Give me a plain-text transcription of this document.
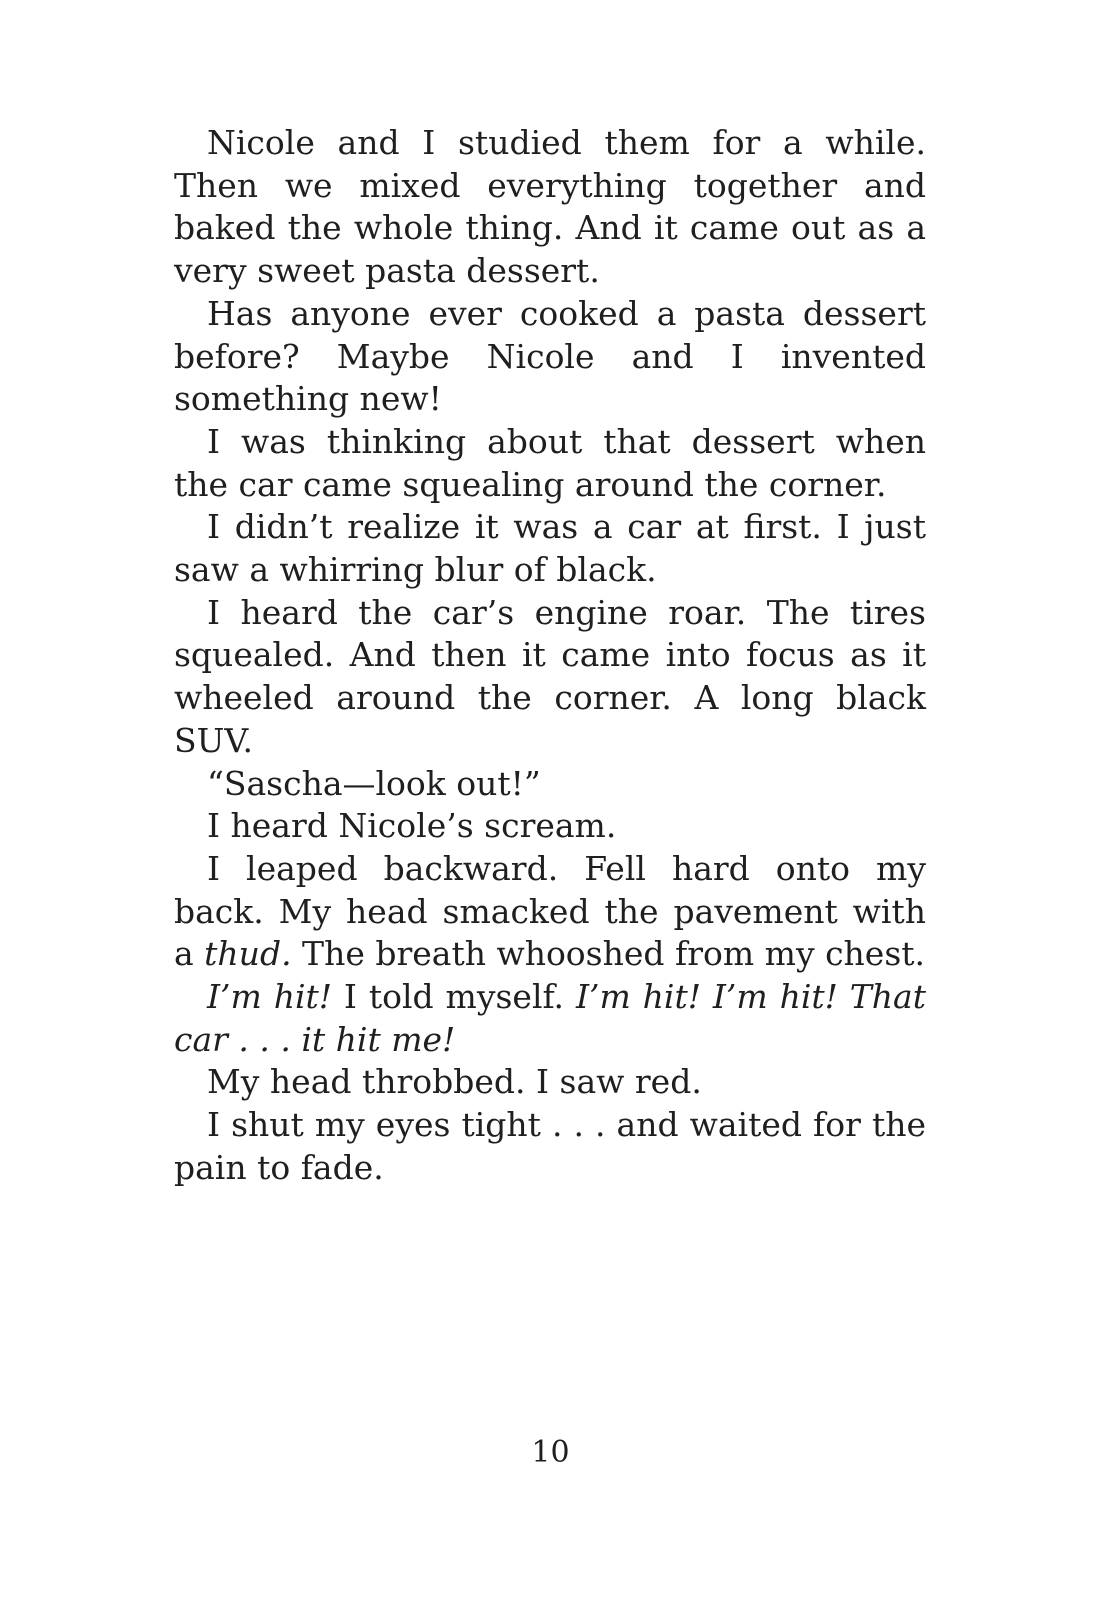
Nicole and I studied them for a while. Then we mixed everything together and baked the whole thing. And it came out as a very sweet pasta dessert.

Has anyone ever cooked a pasta dessert before? Maybe Nicole and I invented something new!

I was thinking about that dessert when the car came squealing around the corner.

I didn’t realize it was a car at first. I just saw a whirring blur of black.

I heard the car’s engine roar. The tires squealed. And then it came into focus as it wheeled around the corner. A long black SUV.

“Sascha—look out!”

I heard Nicole’s scream.

I leaped backward. Fell hard onto my back. My head smacked the pavement with a thud. The breath whooshed from my chest.

I’m hit! I told myself. I’m hit! I’m hit! That car . . . it hit me!

My head throbbed. I saw red.

I shut my eyes tight . . . and waited for the pain to fade.

10
